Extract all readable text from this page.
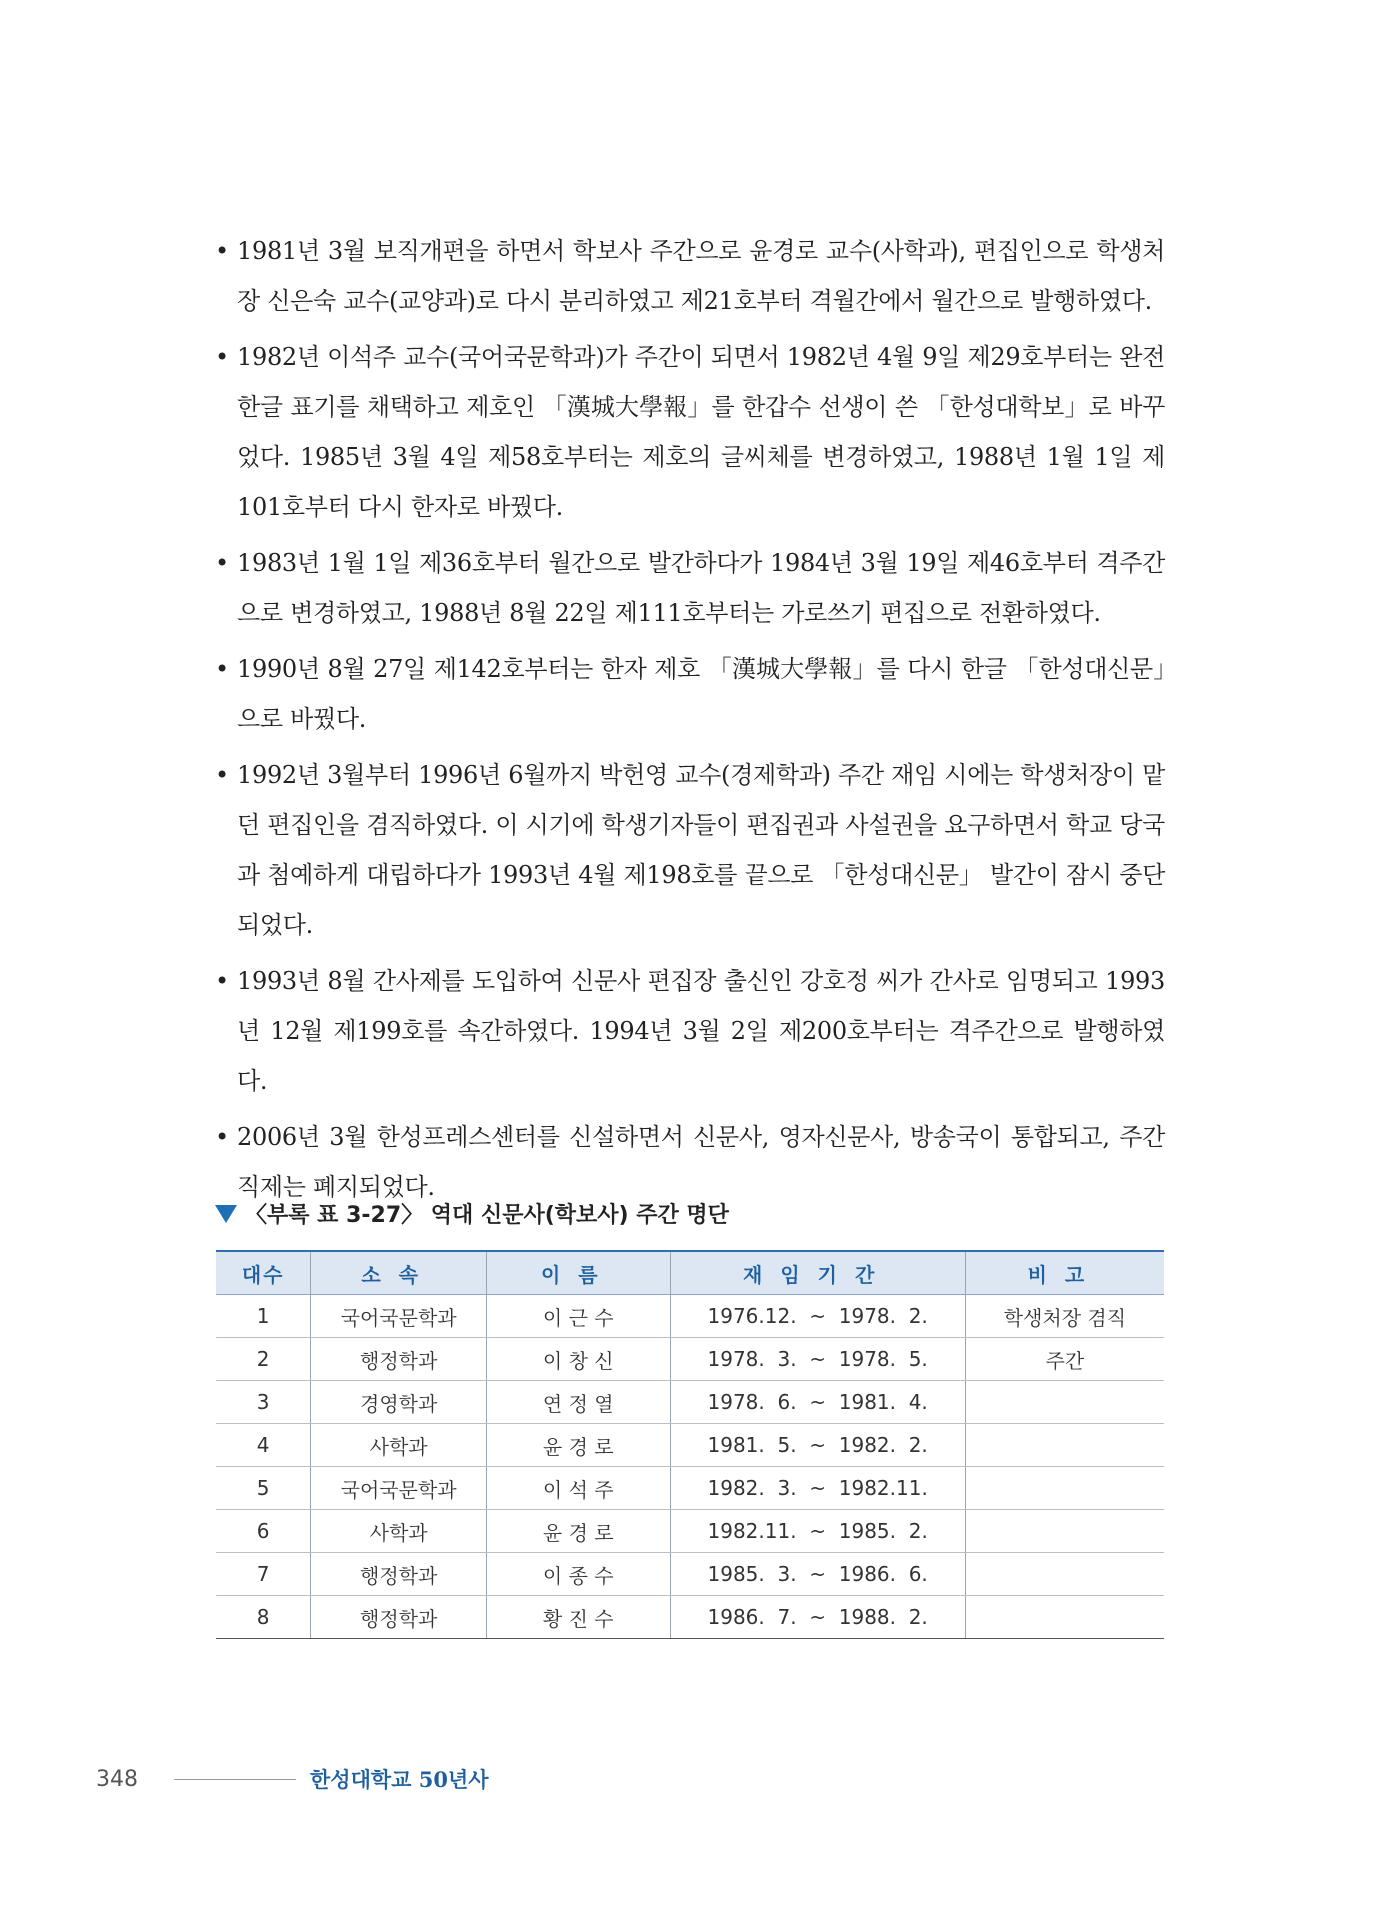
• 1981년 3월 보직개편을 하면서 학보사 주간으로 윤경로 교수(사학과), 편집인으로 학생처장 신은숙 교수(교양과)로 다시 분리하였고 제21호부터 격월간에서 월간으로 발행하였다.
• 1982년 이석주 교수(국어국문학과)가 주간이 되면서 1982년 4월 9일 제29호부터는 완전 한글 표기를 채택하고 제호인 「漢城大學報」를 한갑수 선생이 쓴 「한성대학보」로 바꾸었다. 1985년 3월 4일 제58호부터는 제호의 글씨체를 변경하였고, 1988년 1월 1일 제101호부터 다시 한자로 바꿨다.
• 1983년 1월 1일 제36호부터 월간으로 발간하다가 1984년 3월 19일 제46호부터 격주간으로 변경하였고, 1988년 8월 22일 제111호부터는 가로쓰기 편집으로 전환하였다.
• 1990년 8월 27일 제142호부터는 한자 제호 「漢城大學報」를 다시 한글 「한성대신문」으로 바꿨다.
• 1992년 3월부터 1996년 6월까지 박헌영 교수(경제학과) 주간 재임 시에는 학생처장이 맡던 편집인을 겸직하였다. 이 시기에 학생기자들이 편집권과 사설권을 요구하면서 학교 당국과 첨예하게 대립하다가 1993년 4월 제198호를 끝으로 「한성대신문」 발간이 잠시 중단되었다.
• 1993년 8월 간사제를 도입하여 신문사 편집장 출신인 강호정 씨가 간사로 임명되고 1993년 12월 제199호를 속간하였다. 1994년 3월 2일 제200호부터는 격주간으로 발행하였다.
• 2006년 3월 한성프레스센터를 신설하면서 신문사, 영자신문사, 방송국이 통합되고, 주간 직제는 폐지되었다.
〈부록 표 3-27〉 역대 신문사(학보사) 주간 명단
대수	소속	이름	재임기간	비고
1	국어국문학과	이 근 수	1976.12.  ~  1978.  2.	학생처장 겸직
2	행정학과	이 창 신	1978.  3.  ~  1978.  5.	주간
3	경영학과	연 정 열	1978.  6.  ~  1981.  4.	
4	사학과	윤 경 로	1981.  5.  ~  1982.  2.	
5	국어국문학과	이 석 주	1982.  3.  ~  1982.11.	
6	사학과	윤 경 로	1982.11.  ~  1985.  2.	
7	행정학과	이 종 수	1985.  3.  ~  1986.  6.	
8	행정학과	황 진 수	1986.  7.  ~  1988.  2.	
348	한성대학교 50년사
